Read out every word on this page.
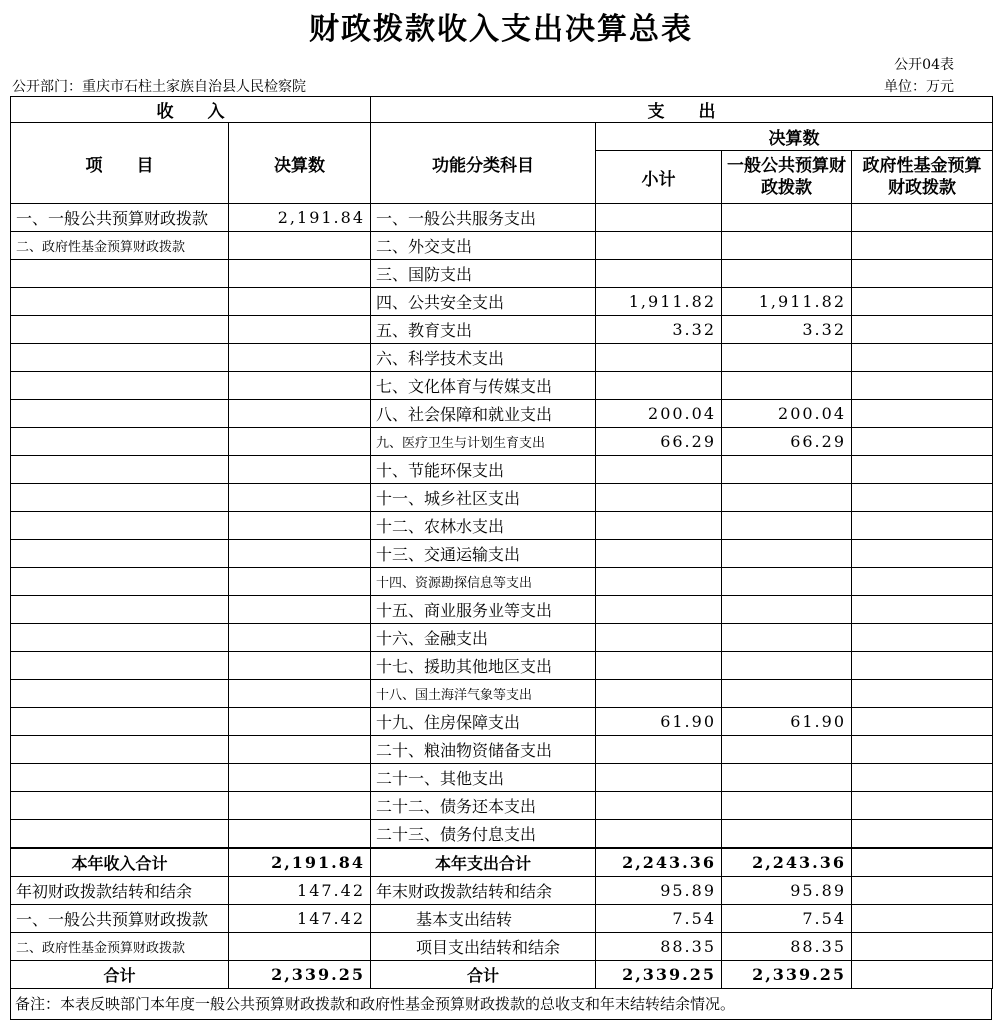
财政拨款收入支出决算总表
公开04表
公开部门：重庆市石柱土家族自治县人民检察院	单位：万元
收　　入		支　　出			
项　　目	决算数	功能分类科目	决算数		
			小计	一般公共预算财政拨款	政府性基金预算财政拨款
一、一般公共预算财政拨款	2,191.84	一、一般公共服务支出			
二、政府性基金预算财政拨款		二、外交支出			
		三、国防支出			
		四、公共安全支出	1,911.82	1,911.82	
		五、教育支出	3.32	3.32	
		六、科学技术支出			
		七、文化体育与传媒支出			
		八、社会保障和就业支出	200.04	200.04	
		九、医疗卫生与计划生育支出	66.29	66.29	
		十、节能环保支出			
		十一、城乡社区支出			
		十二、农林水支出			
		十三、交通运输支出			
		十四、资源勘探信息等支出			
		十五、商业服务业等支出			
		十六、金融支出			
		十七、援助其他地区支出			
		十八、国土海洋气象等支出			
		十九、住房保障支出	61.90	61.90	
		二十、粮油物资储备支出			
		二十一、其他支出			
		二十二、债务还本支出			
		二十三、债务付息支出			
本年收入合计	2,191.84	本年支出合计	2,243.36	2,243.36	
年初财政拨款结转和结余	147.42	年末财政拨款结转和结余	95.89	95.89	
一、一般公共预算财政拨款	147.42	基本支出结转	7.54	7.54	
二、政府性基金预算财政拨款		项目支出结转和结余	88.35	88.35	
合计	2,339.25	合计	2,339.25	2,339.25	
备注：本表反映部门本年度一般公共预算财政拨款和政府性基金预算财政拨款的总收支和年末结转结余情况。
